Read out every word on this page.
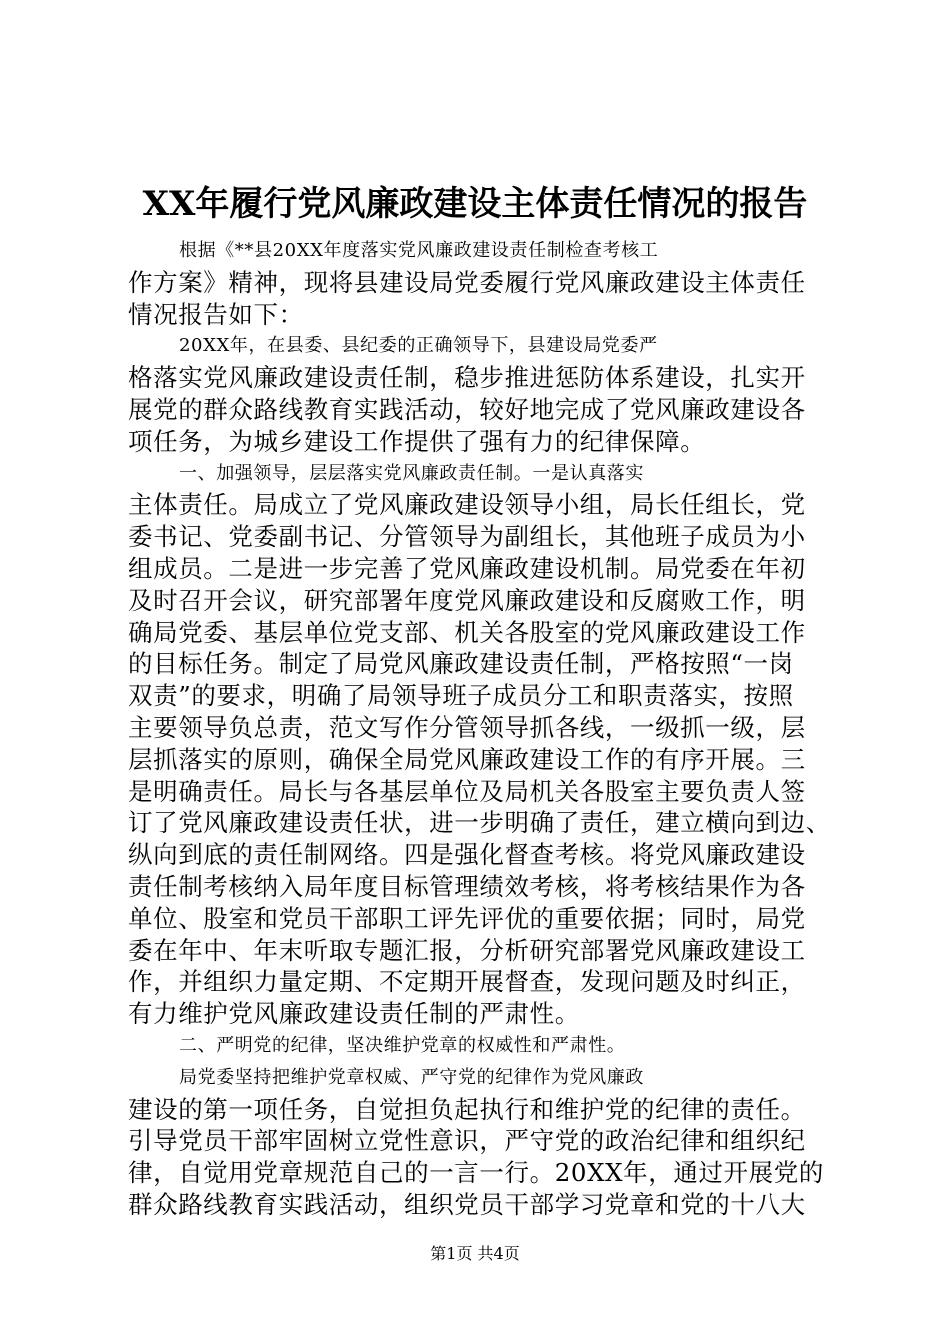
XX年履行党风廉政建设主体责任情况的报告
根据《**县20XX年度落实党风廉政建设责任制检查考核工
作方案》精神，现将县建设局党委履行党风廉政建设主体责任
情况报告如下：
20XX年，在县委、县纪委的正确领导下，县建设局党委严
格落实党风廉政建设责任制，稳步推进惩防体系建设，扎实开
展党的群众路线教育实践活动，较好地完成了党风廉政建设各
项任务，为城乡建设工作提供了强有力的纪律保障。
一、加强领导，层层落实党风廉政责任制。一是认真落实
主体责任。局成立了党风廉政建设领导小组，局长任组长，党
委书记、党委副书记、分管领导为副组长，其他班子成员为小
组成员。二是进一步完善了党风廉政建设机制。局党委在年初
及时召开会议，研究部署年度党风廉政建设和反腐败工作，明
确局党委、基层单位党支部、机关各股室的党风廉政建设工作
的目标任务。制定了局党风廉政建设责任制，严格按照“一岗
双责”的要求，明确了局领导班子成员分工和职责落实，按照
主要领导负总责，范文写作分管领导抓各线，一级抓一级，层
层抓落实的原则，确保全局党风廉政建设工作的有序开展。三
是明确责任。局长与各基层单位及局机关各股室主要负责人签
订了党风廉政建设责任状，进一步明确了责任，建立横向到边、
纵向到底的责任制网络。四是强化督查考核。将党风廉政建设
责任制考核纳入局年度目标管理绩效考核，将考核结果作为各
单位、股室和党员干部职工评先评优的重要依据；同时，局党
委在年中、年末听取专题汇报，分析研究部署党风廉政建设工
作，并组织力量定期、不定期开展督查，发现问题及时纠正，
有力维护党风廉政建设责任制的严肃性。
二、严明党的纪律，坚决维护党章的权威性和严肃性。
局党委坚持把维护党章权威、严守党的纪律作为党风廉政
建设的第一项任务，自觉担负起执行和维护党的纪律的责任。
引导党员干部牢固树立党性意识，严守党的政治纪律和组织纪
律，自觉用党章规范自己的一言一行。20XX年，通过开展党的
群众路线教育实践活动，组织党员干部学习党章和党的十八大
第1页 共4页
